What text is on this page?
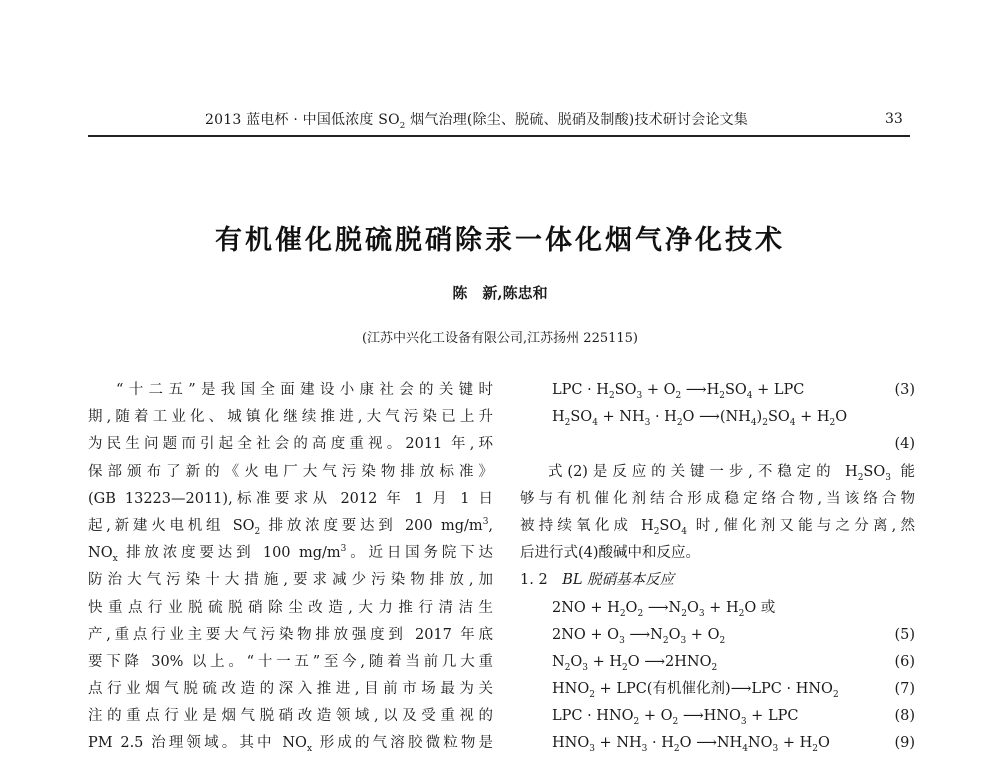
2013 蓝电杯 · 中国低浓度 $SO_2$ 烟气治理(除尘、脱硫、脱硝及制酸)技术研讨会论文集	33
有机催化脱硫脱硝除汞一体化烟气净化技术
陈　新,陈忠和
(江苏中兴化工设备有限公司,江苏扬州 225115)
“十二五”是我国全面建设小康社会的关键时
期,随着工业化、城镇化继续推进,大气污染已上升
为民生问题而引起全社会的高度重视。2011 年,环
保部颁布了新的《火电厂大气污染物排放标准》
(GB 13223—2011),标准要求从 2012 年 1 月 1 日
起,新建火电机组 $SO_2$ 排放浓度要达到 200 $mg/m^3$,
$NO_x$ 排放浓度要达到 100 $mg/m^3$。近日国务院下达
防治大气污染十大措施,要求减少污染物排放,加
快重点行业脱硫脱硝除尘改造,大力推行清洁生
产,重点行业主要大气污染物排放强度到 2017 年底
要下降 30% 以上。“十一五”至今,随着当前几大重
点行业烟气脱硫改造的深入推进,目前市场最为关
注的重点行业是烟气脱硝改造领域,以及受重视的
PM 2.5 治理领域。其中 $NO_x$ 形成的气溶胶微粒物是
LPC · $H_2SO_3 + O_2$ $⟶H_2SO_4$ + LPC	(3)
$H_2SO_4 + NH_3 \cdot H_2O$ $⟶(NH_4)_2SO_4 + H_2O$
(4)
式(2)是反应的关键一步,不稳定的 $H_2SO_3$ 能
够与有机催化剂结合形成稳定络合物,当该络合物
被持续氧化成 $H_2SO_4$ 时,催化剂又能与之分离,然
后进行式(4)酸碱中和反应。
1. 2 BL 脱硝基本反应
$2NO + H_2O_2$ $⟶N_2O_3 + H_2O$ 或
$2NO + O_3$ $⟶N_2O_3 + O_2$	(5)
$N_2O_3 + H_2O$ $⟶2HNO_2$	(6)
$HNO_2 + LPC$(有机催化剂)⟶LPC · $HNO_2$	(7)
LPC · $HNO_2 + O_2$ $⟶HNO_3$ + LPC	(8)
$HNO_3 + NH_3 \cdot H_2O$ $⟶NH_4NO_3 + H_2O$	(9)
